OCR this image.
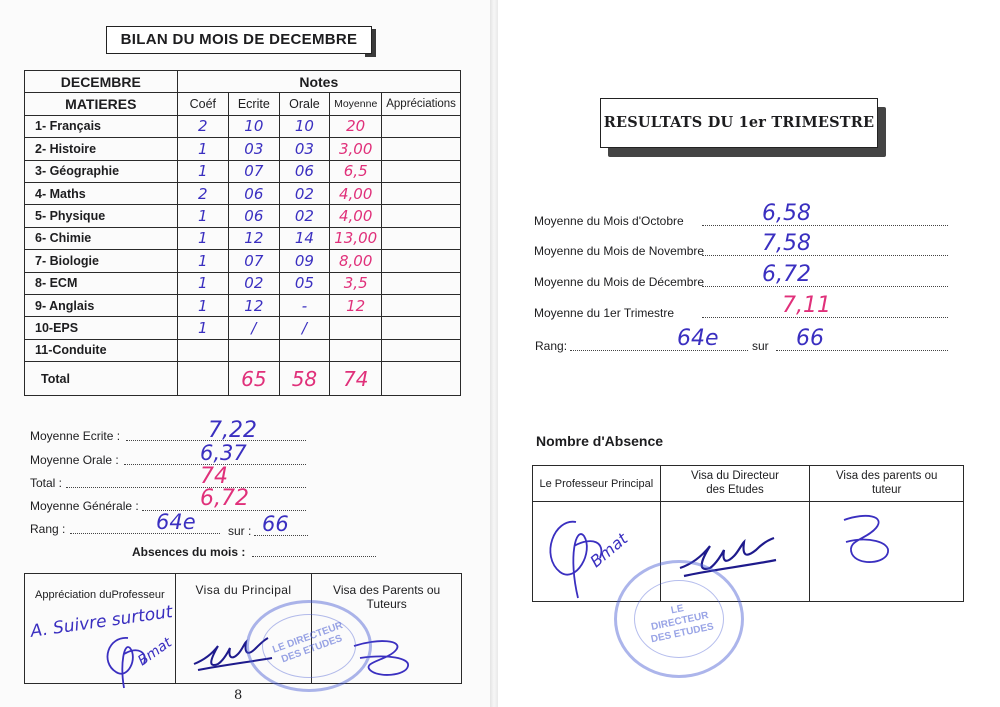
BILAN DU MOIS DE DECEMBRE
DECEMBRE	Notes				
MATIERES	Coéf	Ecrite	Orale	Moyenne	Appréciations
1- Français	2	10	10	20	

2- Histoire	1	03	03	3,00	

3- Géographie	1	07	06	6,5	

4- Maths	2	06	02	4,00	

5- Physique	1	06	02	4,00	

6- Chimie	1	12	14	13,00	

7- Biologie	1	07	09	8,00	

8- ECM	1	02	05	3,5	

9- Anglais	1	12	-	12	

10-EPS	1	/	/		

11-Conduite	

Total		65	58	74	

Moyenne Ecrite :	7,22
Moyenne Orale :	6,37
Total :	74
Moyenne Générale :	6,72
Rang :	64e	sur : 66
Absences du mois :
Appréciation duProfesseur	Visa du Principal	Visa des Parents ou Tuteurs
A. Suivre surtout
Bmat	LE DIRECTEUR DES ETUDES
8
RESULTATS DU 1er TRIMESTRE
Moyenne du Mois d'Octobre	6,58
Moyenne du Mois de Novembre	7,58
Moyenne du Mois de Décembre	6,72
Moyenne du 1er Trimestre	7,11
Rang:	64e	sur 66
Nombre d'Absence
Le Professeur Principal	Visa du Directeur des Etudes	Visa des parents ou tuteur

Bmat
LE DIRECTEUR DES ETUDES
